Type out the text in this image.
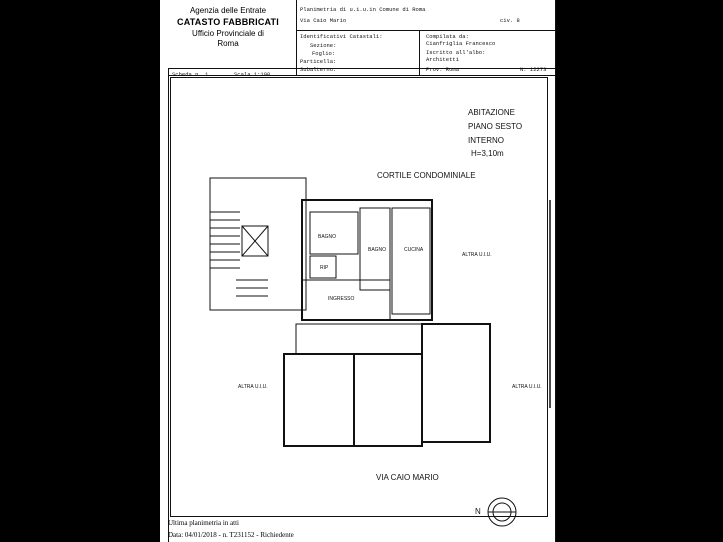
Agenzia delle Entrate
CATASTO FABBRICATI
Ufficio Provinciale di
Roma
Planimetria di u.i.u.in Comune di Roma
Via Caio Mario	civ. 8
Identificativi Catastali:
Sezione:
Foglio:
Particella:
Subalterno:
Compilata da:
Cianfriglia Francesco
Iscritto all'albo:
Architetti
Prov. Roma	N. 12273
Scheda n. 1	Scala 1:100
ABITAZIONE
PIANO SESTO
INTERNO
H=3,10m
CORTILE CONDOMINIALE
VIA CAIO MARIO
BAGNO
BAGNO	CUCINA
RIP
INGRESSO
ALTRA U.I.U.
ALTRA U.I.U.	ALTRA U.I.U.
N
Ultima planimetria in atti
Data: 04/01/2018 - n. T231152 - Richiedente
